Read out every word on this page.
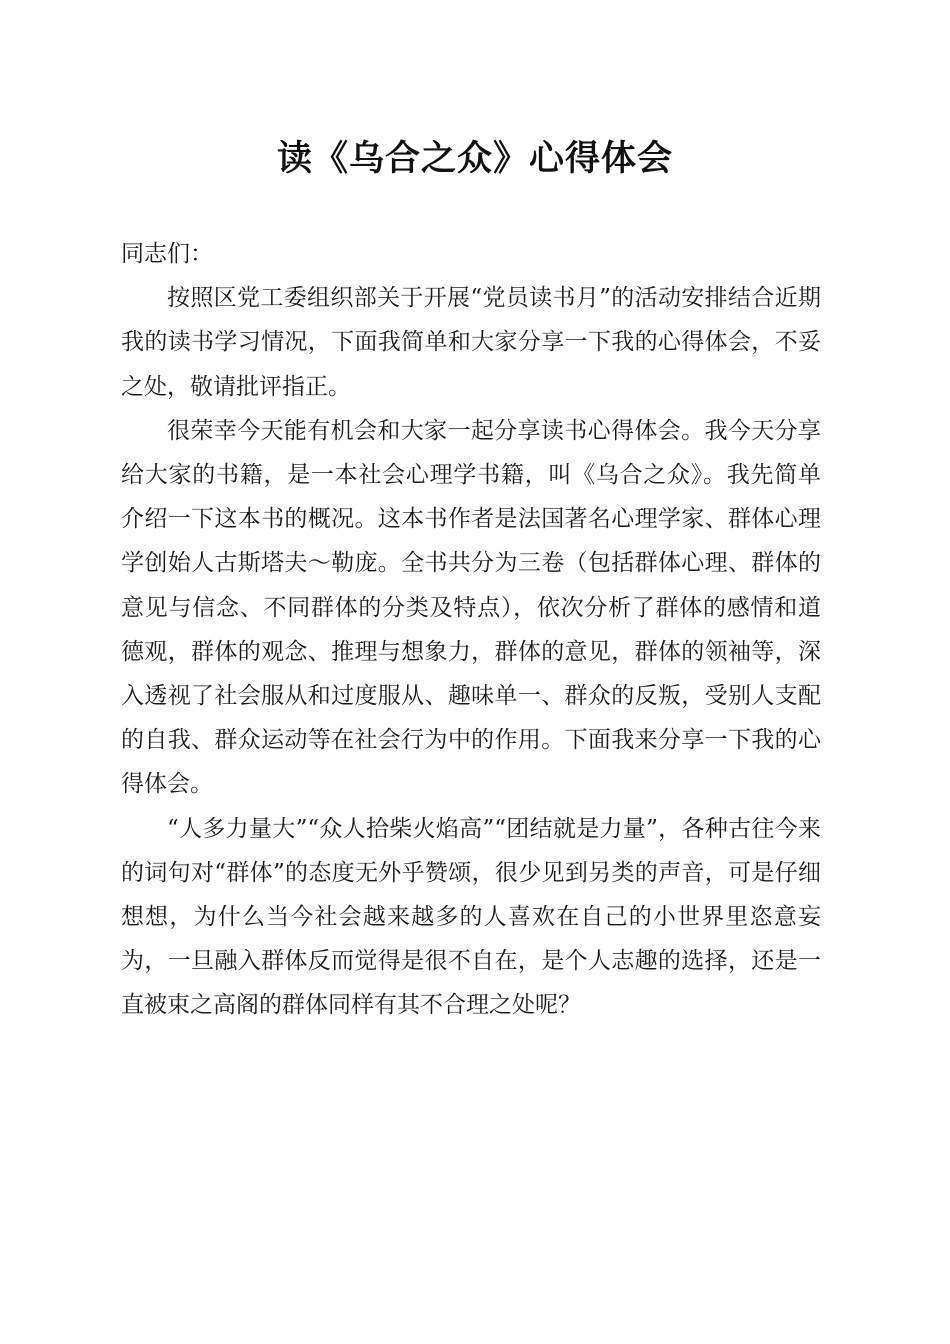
读《乌合之众》心得体会

同志们：

按照区党工委组织部关于开展“党员读书月”的活动安排结合近期我的读书学习情况，下面我简单和大家分享一下我的心得体会，不妥之处，敬请批评指正。

很荣幸今天能有机会和大家一起分享读书心得体会。我今天分享给大家的书籍，是一本社会心理学书籍，叫《乌合之众》。我先简单介绍一下这本书的概况。这本书作者是法国著名心理学家、群体心理学创始人古斯塔夫～勒庞。全书共分为三卷（包括群体心理、群体的意见与信念、不同群体的分类及特点），依次分析了群体的感情和道德观，群体的观念、推理与想象力，群体的意见，群体的领袖等，深入透视了社会服从和过度服从、趣味单一、群众的反叛，受别人支配的自我、群众运动等在社会行为中的作用。下面我来分享一下我的心得体会。

“人多力量大”“众人拾柴火焰高”“团结就是力量”，各种古往今来的词句对“群体”的态度无外乎赞颂，很少见到另类的声音，可是仔细想想，为什么当今社会越来越多的人喜欢在自己的小世界里恣意妄为，一旦融入群体反而觉得是很不自在，是个人志趣的选择，还是一直被束之高阁的群体同样有其不合理之处呢？
